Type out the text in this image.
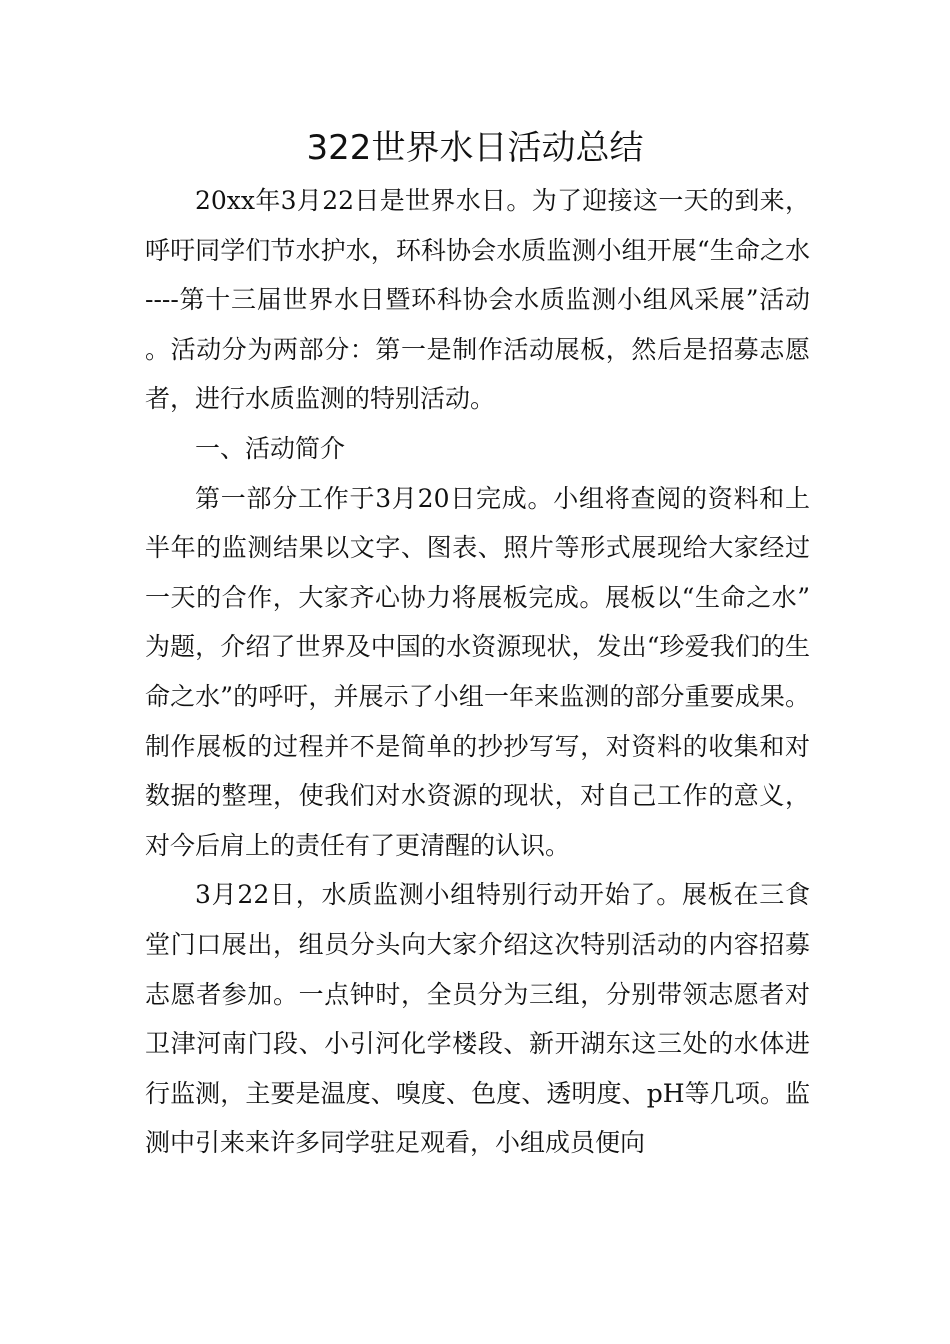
322世界水日活动总结

20xx年3月22日是世界水日。为了迎接这一天的到来，呼吁同学们节水护水，环科协会水质监测小组开展“生命之水----第十三届世界水日暨环科协会水质监测小组风采展”活动。活动分为两部分：第一是制作活动展板，然后是招募志愿者，进行水质监测的特别活动。

一、活动简介

第一部分工作于3月20日完成。小组将查阅的资料和上半年的监测结果以文字、图表、照片等形式展现给大家经过一天的合作，大家齐心协力将展板完成。展板以“生命之水”为题，介绍了世界及中国的水资源现状，发出“珍爱我们的生命之水”的呼吁，并展示了小组一年来监测的部分重要成果。制作展板的过程并不是简单的抄抄写写，对资料的收集和对数据的整理，使我们对水资源的现状，对自己工作的意义，对今后肩上的责任有了更清醒的认识。

3月22日，水质监测小组特别行动开始了。展板在三食堂门口展出，组员分头向大家介绍这次特别活动的内容招募志愿者参加。一点钟时，全员分为三组，分别带领志愿者对卫津河南门段、小引河化学楼段、新开湖东这三处的水体进行监测，主要是温度、嗅度、色度、透明度、pH等几项。监测中引来来许多同学驻足观看，小组成员便向
